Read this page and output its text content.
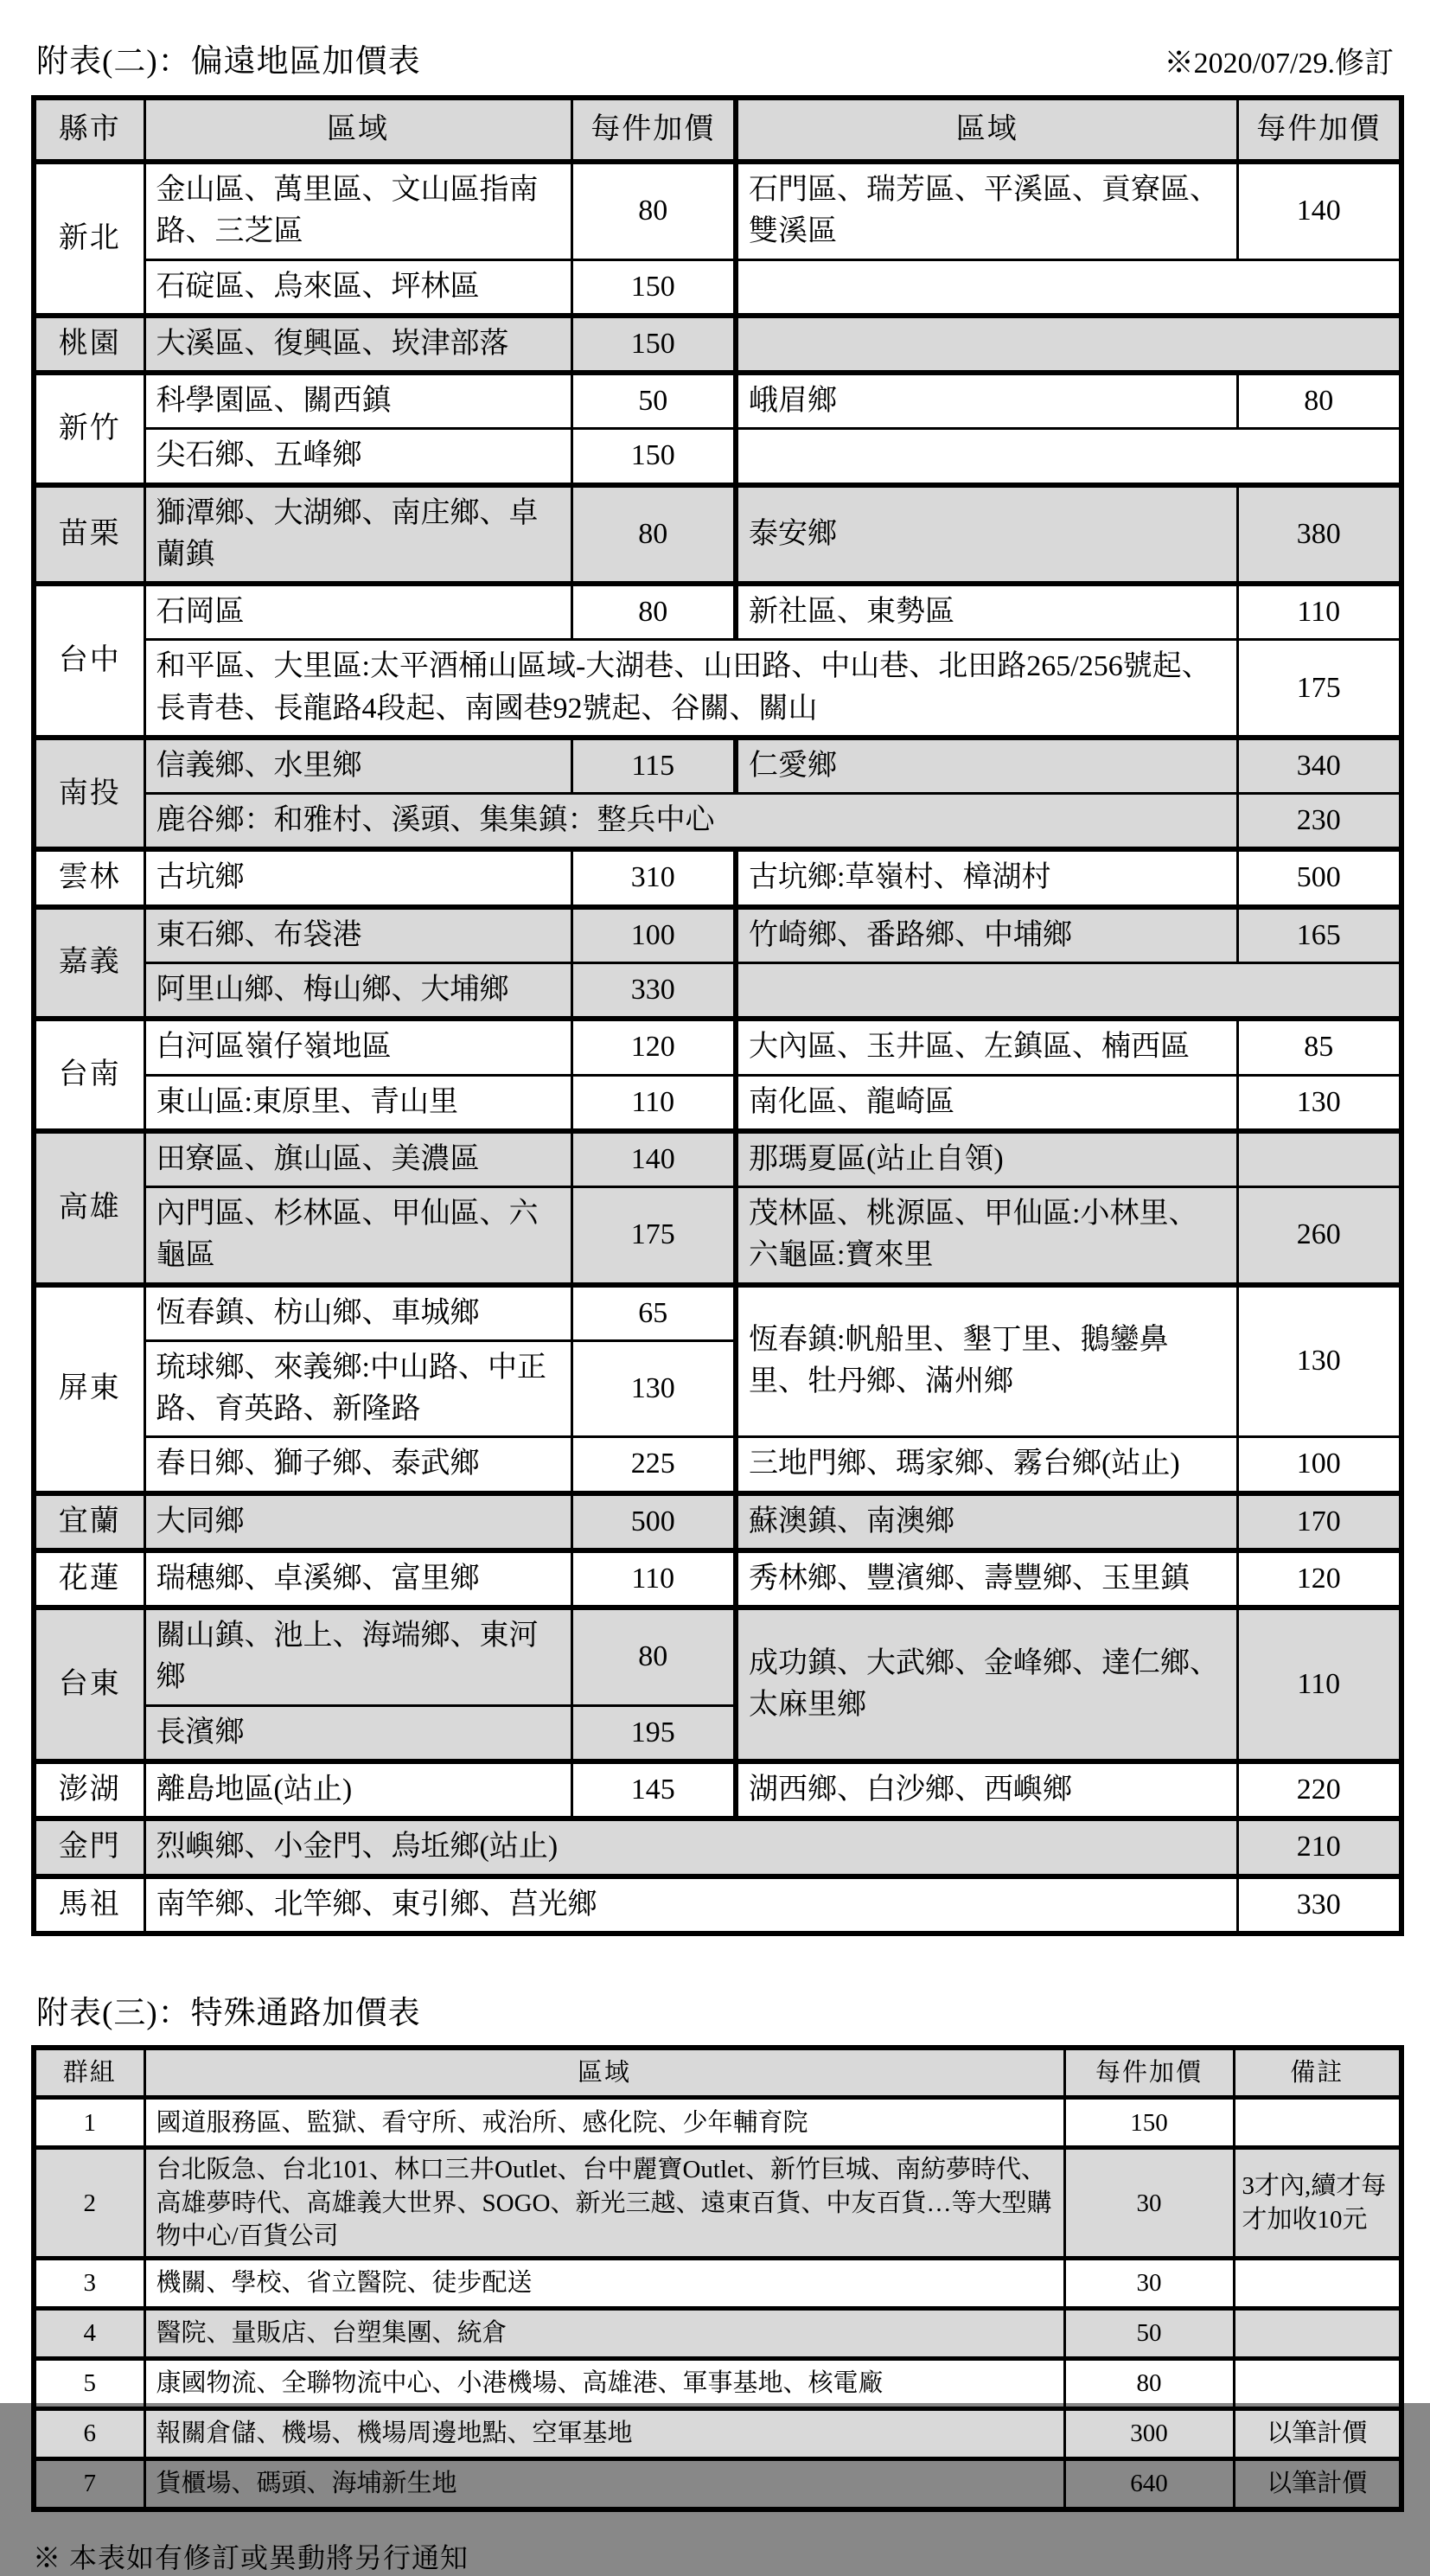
附表(二)：偏遠地區加價表	※2020/07/29.修訂
縣市	區域	每件加價	區域	每件加價
新北	金山區、萬里區、文山區指南路、三芝區	80	石門區、瑞芳區、平溪區、貢寮區、雙溪區	140
	石碇區、烏來區、坪林區	150		
桃園	大溪區、復興區、崁津部落	150		
新竹	科學園區、關西鎮	50	峨眉鄉	80
	尖石鄉、五峰鄉	150		
苗栗	獅潭鄉、大湖鄉、南庄鄉、卓蘭鎮	80	泰安鄉	380
台中	石岡區	80	新社區、東勢區	110
	和平區、大里區:太平酒桶山區域-大湖巷、山田路、中山巷、北田路265/256號起、長青巷、長龍路4段起、南國巷92號起、谷關、關山			175
南投	信義鄉、水里鄉	115	仁愛鄉	340
	鹿谷鄉：和雅村、溪頭、集集鎮：整兵中心			230
雲林	古坑鄉	310	古坑鄉:草嶺村、樟湖村	500
嘉義	東石鄉、布袋港	100	竹崎鄉、番路鄉、中埔鄉	165
	阿里山鄉、梅山鄉、大埔鄉	330		
台南	白河區嶺仔嶺地區	120	大內區、玉井區、左鎮區、楠西區	85
	東山區:東原里、青山里	110	南化區、龍崎區	130
高雄	田寮區、旗山區、美濃區	140	那瑪夏區(站止自領)	
	內門區、杉林區、甲仙區、六龜區	175	茂林區、桃源區、甲仙區:小林里、六龜區:寶來里	260
屏東	恆春鎮、枋山鄉、車城鄉	65	恆春鎮:帆船里、墾丁里、鵝鑾鼻里、牡丹鄉、滿州鄉	130
	琉球鄉、來義鄉:中山路、中正路、育英路、新隆路	130		
	春日鄉、獅子鄉、泰武鄉	225	三地門鄉、瑪家鄉、霧台鄉(站止)	100
宜蘭	大同鄉	500	蘇澳鎮、南澳鄉	170
花蓮	瑞穗鄉、卓溪鄉、富里鄉	110	秀林鄉、豐濱鄉、壽豐鄉、玉里鎮	120
台東	關山鎮、池上、海端鄉、東河鄉	80	成功鎮、大武鄉、金峰鄉、達仁鄉、太麻里鄉	110
	長濱鄉	195		
澎湖	離島地區(站止)	145	湖西鄉、白沙鄉、西嶼鄉	220
金門	烈嶼鄉、小金門、烏坵鄉(站止)			210
馬祖	南竿鄉、北竿鄉、東引鄉、莒光鄉			330
附表(三)：特殊通路加價表
群組	區域	每件加價	備註
1	國道服務區、監獄、看守所、戒治所、感化院、少年輔育院	150	
2	台北阪急、台北101、林口三井Outlet、台中麗寶Outlet、新竹巨城、南紡夢時代、高雄夢時代、高雄義大世界、SOGO、新光三越、遠東百貨、中友百貨…等大型購物中心/百貨公司	30	3才內,續才每才加收10元
3	機關、學校、省立醫院、徒步配送	30	
4	醫院、量販店、台塑集團、統倉	50	
5	康國物流、全聯物流中心、小港機場、高雄港、軍事基地、核電廠	80	
6	報關倉儲、機場、機場周邊地點、空軍基地	300	以筆計價
7	貨櫃場、碼頭、海埔新生地	640	以筆計價
※ 本表如有修訂或異動將另行通知
